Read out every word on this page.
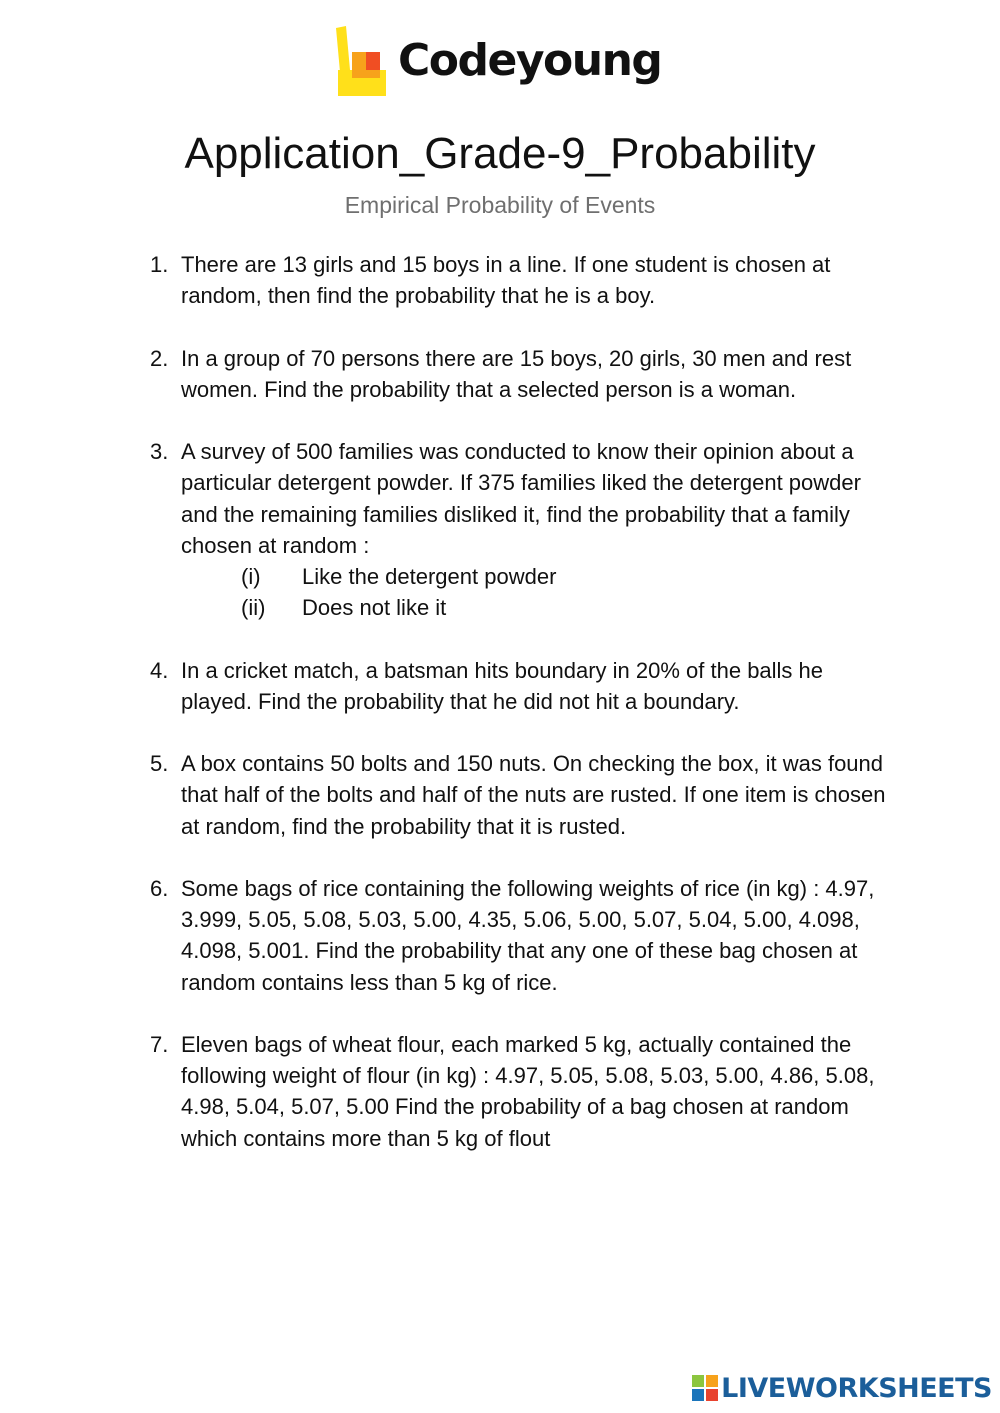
Codeyoung
Application_Grade-9_Probability
Empirical Probability of Events
1. There are 13 girls and 15 boys in a line. If one student is chosen at random, then find the probability that he is a boy.
2. In a group of 70 persons there are 15 boys, 20 girls, 30 men and rest women. Find the probability that a selected person is a woman.
3. A survey of 500 families was conducted to know their opinion about a particular detergent powder. If 375 families liked the detergent powder and the remaining families disliked it, find the probability that a family chosen at random :
(i) Like the detergent powder
(ii) Does not like it
4. In a cricket match, a batsman hits boundary in 20% of the balls he played. Find the probability that he did not hit a boundary.
5. A box contains 50 bolts and 150 nuts. On checking the box, it was found that half of the bolts and half of the nuts are rusted. If one item is chosen at random, find the probability that it is rusted.
6. Some bags of rice containing the following weights of rice (in kg) : 4.97, 3.999, 5.05, 5.08, 5.03, 5.00, 4.35, 5.06, 5.00, 5.07, 5.04, 5.00, 4.098, 4.098, 5.001. Find the probability that any one of these bag chosen at random contains less than 5 kg of rice.
7. Eleven bags of wheat flour, each marked 5 kg, actually contained the following weight of flour (in kg) : 4.97, 5.05, 5.08, 5.03, 5.00, 4.86, 5.08, 4.98, 5.04, 5.07, 5.00 Find the probability of a bag chosen at random which contains more than 5 kg of flout
LIVEWORKSHEETS
